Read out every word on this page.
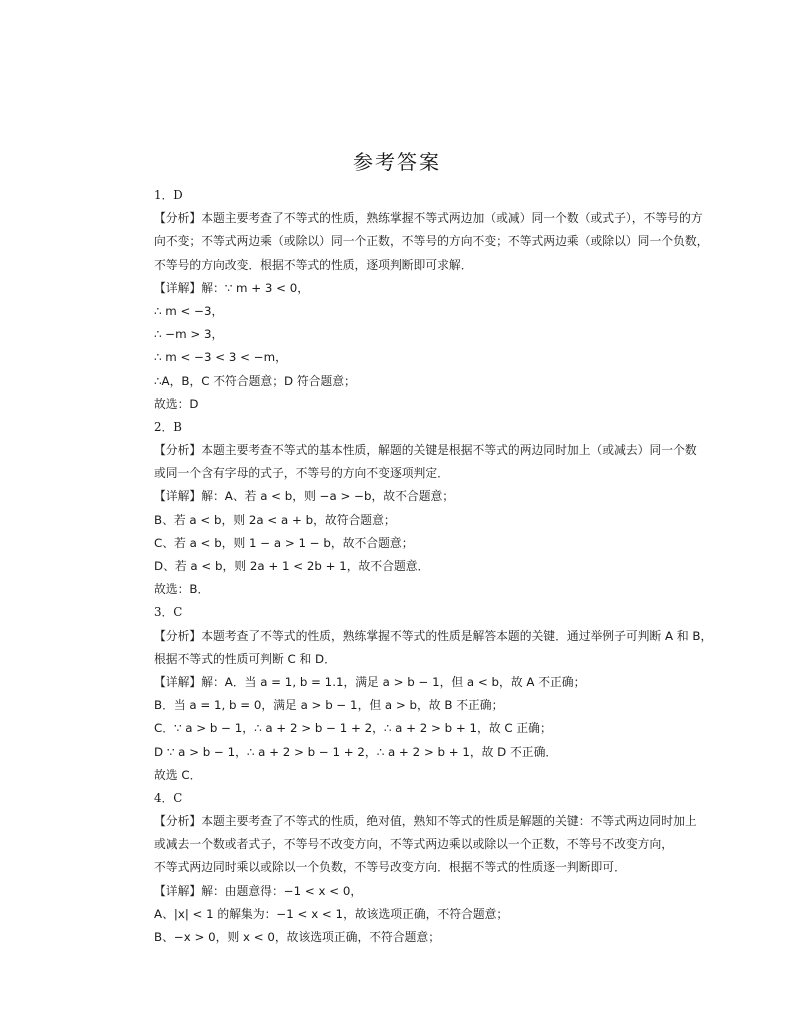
参考答案
1．D
【分析】本题主要考查了不等式的性质，熟练掌握不等式两边加（或减）同一个数（或式子），不等号的方
向不变；不等式两边乘（或除以）同一个正数，不等号的方向不变；不等式两边乘（或除以）同一个负数，
不等号的方向改变．根据不等式的性质，逐项判断即可求解．
【详解】解：∵ m + 3 < 0，
∴ m < −3，
∴ −m > 3，
∴ m < −3 < 3 < −m，
∴A，B，C 不符合题意；D 符合题意；
故选：D
2．B
【分析】本题主要考查不等式的基本性质，解题的关键是根据不等式的两边同时加上（或减去）同一个数
或同一个含有字母的式子，不等号的方向不变逐项判定．
【详解】解：A、若 a < b，则 −a > −b，故不合题意；
B、若 a < b，则 2a < a + b，故符合题意；
C、若 a < b，则 1 − a > 1 − b，故不合题意；
D、若 a < b，则 2a + 1 < 2b + 1，故不合题意．
故选：B．
3．C
【分析】本题考查了不等式的性质，熟练掌握不等式的性质是解答本题的关键．通过举例子可判断 A 和 B，
根据不等式的性质可判断 C 和 D．
【详解】解：A．当 a = 1, b = 1.1，满足 a > b − 1，但 a < b，故 A 不正确；
B．当 a = 1, b = 0，满足 a > b − 1，但 a > b，故 B 不正确；
C．∵ a > b − 1，∴ a + 2 > b − 1 + 2，∴ a + 2 > b + 1，故 C 正确；
D ∵ a > b − 1，∴ a + 2 > b − 1 + 2，∴ a + 2 > b + 1，故 D 不正确．
故选 C．
4．C
【分析】本题主要考查了不等式的性质，绝对值，熟知不等式的性质是解题的关键：不等式两边同时加上
或减去一个数或者式子，不等号不改变方向，不等式两边乘以或除以一个正数，不等号不改变方向，
不等式两边同时乘以或除以一个负数，不等号改变方向．根据不等式的性质逐一判断即可．
【详解】解：由题意得：−1 < x < 0，
A、|x| < 1 的解集为：−1 < x < 1，故该选项正确，不符合题意；
B、−x > 0，则 x < 0，故该选项正确，不符合题意；
